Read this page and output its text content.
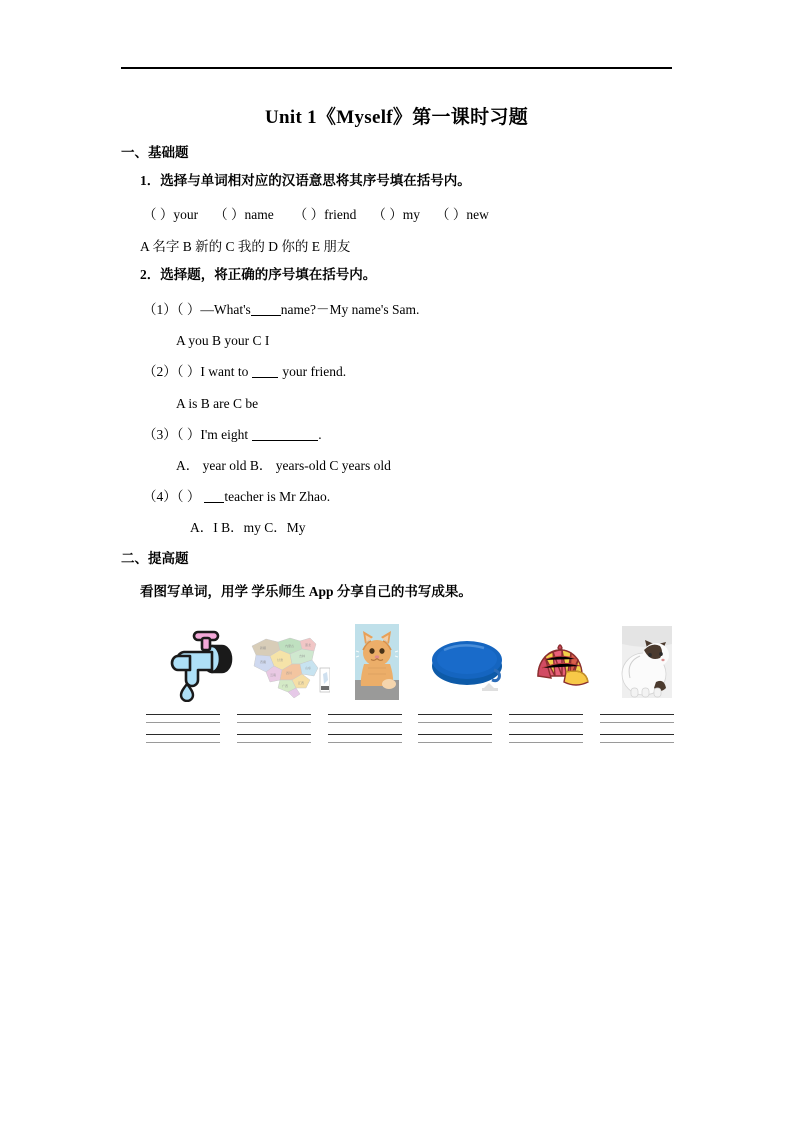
Unit 1《Myself》第一课时习题
一、基础题
1．选择与单词相对应的汉语意思将其序号填在括号内。
（ ）your （ ）name （ ）friend （ ）my （ ）new
A 名字 B 新的 C 我的 D 你的 E 朋友
2．选择题，将正确的序号填在括号内。
（1）（ ）—What's name?－My name's Sam.
A you B your C I
（2）（ ）I want to	your friend.
A is B are C be
（3）（ ）I'm eight	.
A． year old B． years-old C years old
（4）（ ） teacher is Mr Zhao.
A．I B．my C．My
二、提高题
看图写单词，用学 学乐师生 App 分享自己的书写成果。
新疆	内蒙古	黑龙
西藏	甘肃
吉林
云南	四川
山东
广西
江西
